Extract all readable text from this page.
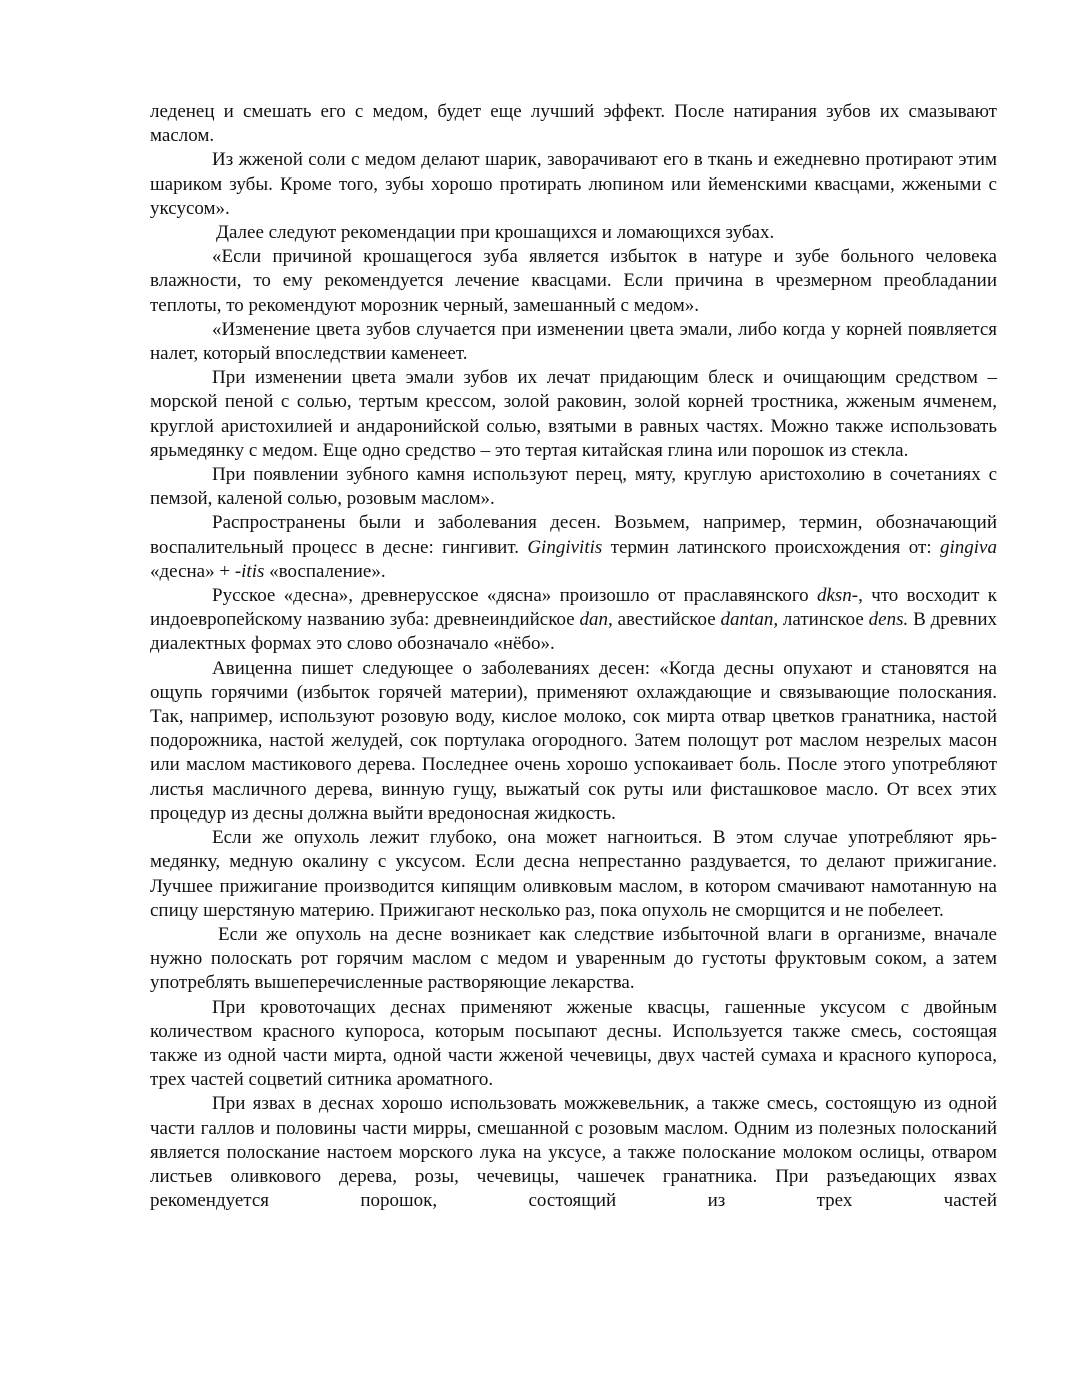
леденец и смешать его с медом, будет еще лучший эффект. После натирания зубов их смазывают маслом.

Из жженой соли с медом делают шарик, заворачивают его в ткань и ежедневно протирают этим шариком зубы. Кроме того, зубы хорошо протирать люпином или йеменскими квасцами, жжеными с уксусом».

Далее следуют рекомендации при крошащихся и ломающихся зубах.

«Если причиной крошащегося зуба является избыток в натуре и зубе больного человека влажности, то ему рекомендуется лечение квасцами. Если причина в чрезмерном преобладании теплоты, то рекомендуют морозник черный, замешанный с медом».

«Изменение цвета зубов случается при изменении цвета эмали, либо когда у корней появляется налет, который впоследствии каменеет.

При изменении цвета эмали зубов их лечат придающим блеск и очищающим средством – морской пеной с солью, тертым крессом, золой раковин, золой корней тростника, жженым ячменем, круглой аристохилией и андаронийской солью, взятыми в равных частях. Можно также использовать ярьмедянку с медом. Еще одно средство – это тертая китайская глина или порошок из стекла.

При появлении зубного камня используют перец, мяту, круглую аристохолию в сочетаниях с пемзой, каленой солью, розовым маслом».

Распространены были и заболевания десен. Возьмем, например, термин, обозначающий воспалительный процесс в десне: гингивит. Gingivitis термин латинского происхождения от: gingiva «десна» + -itis «воспаление».

Русское «десна», древнерусское «дясна» произошло от праславянского dksn-, что восходит к индоевропейскому названию зуба: древнеиндийское dan, авестийское dantan, латинское dens. В древних диалектных формах это слово обозначало «нёбо».

Авиценна пишет следующее о заболеваниях десен: «Когда десны опухают и становятся на ощупь горячими (избыток горячей материи), применяют охлаждающие и связывающие полоскания. Так, например, используют розовую воду, кислое молоко, сок мирта отвар цветков гранатника, настой подорожника, настой желудей, сок портулака огородного. Затем полощут рот маслом незрелых масон или маслом мастикового дерева. Последнее очень хорошо успокаивает боль. После этого употребляют листья масличного дерева, винную гущу, выжатый сок руты или фисташковое масло. От всех этих процедур из десны должна выйти вредоносная жидкость.

Если же опухоль лежит глубоко, она может нагноиться. В этом случае употребляют ярь-медянку, медную окалину с уксусом. Если десна непрестанно раздувается, то делают прижигание. Лучшее прижигание производится кипящим оливковым маслом, в котором смачивают намотанную на спицу шерстяную материю. Прижигают несколько раз, пока опухоль не сморщится и не побелеет.

Если же опухоль на десне возникает как следствие избыточной влаги в организме, вначале нужно полоскать рот горячим маслом с медом и уваренным до густоты фруктовым соком, а затем употреблять вышеперечисленные растворяющие лекарства.

При кровоточащих деснах применяют жженые квасцы, гашенные уксусом с двойным количеством красного купороса, которым посыпают десны. Используется также смесь, состоящая также из одной части мирта, одной части жженой чечевицы, двух частей сумаха и красного купороса, трех частей соцветий ситника ароматного.

При язвах в деснах хорошо использовать можжевельник, а также смесь, состоящую из одной части галлов и половины части мирры, смешанной с розовым маслом. Одним из полезных полосканий является полоскание настоем морского лука на уксусе, а также полоскание молоком ослицы, отваром листьев оливкового дерева, розы, чечевицы, чашечек гранатника. При разъедающих язвах рекомендуется порошок, состоящий из трех частей
